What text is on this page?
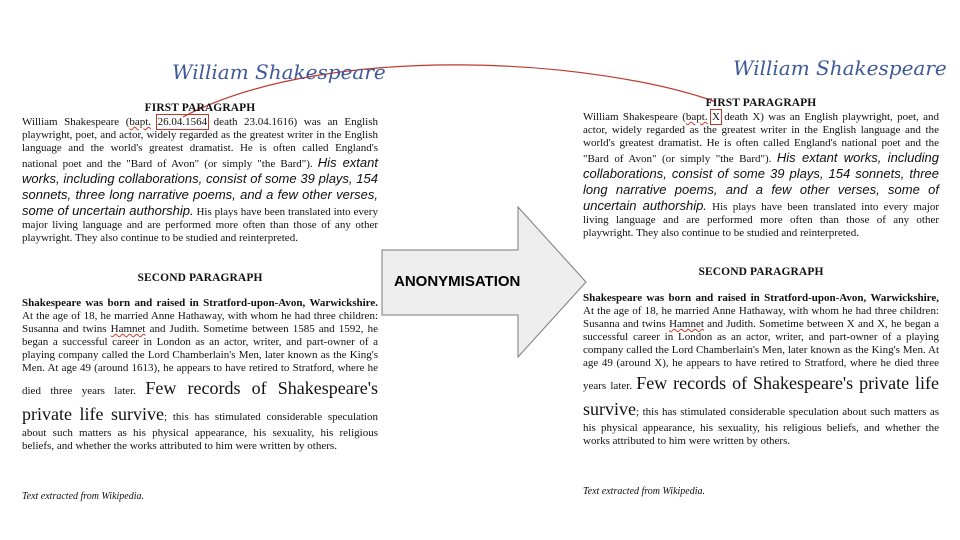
William Shakespeare
FIRST PARAGRAPH
William Shakespeare (bapt. 26.04.1564 death 23.04.1616) was an English playwright, poet, and actor, widely regarded as the greatest writer in the English language and the world's greatest dramatist. He is often called England's national poet and the "Bard of Avon" (or simply "the Bard"). His extant works, including collaborations, consist of some 39 plays, 154 sonnets, three long narrative poems, and a few other verses, some of uncertain authorship. His plays have been translated into every major living language and are performed more often than those of any other playwright. They also continue to be studied and reinterpreted.
SECOND PARAGRAPH
Shakespeare was born and raised in Stratford-upon-Avon, Warwickshire. At the age of 18, he married Anne Hathaway, with whom he had three children: Susanna and twins Hamnet and Judith. Sometime between 1585 and 1592, he began a successful career in London as an actor, writer, and part-owner of a playing company called the Lord Chamberlain's Men, later known as the King's Men. At age 49 (around 1613), he appears to have retired to Stratford, where he died three years later. Few records of Shakespeare's private life survive; this has stimulated considerable speculation about such matters as his physical appearance, his sexuality, his religious beliefs, and whether the works attributed to him were written by others.
Text extracted from Wikipedia.
ANONYMISATION
William Shakespeare
FIRST PARAGRAPH
William Shakespeare (bapt. X death X) was an English playwright, poet, and actor, widely regarded as the greatest writer in the English language and the world's greatest dramatist. He is often called England's national poet and the "Bard of Avon" (or simply "the Bard"). His extant works, including collaborations, consist of some 39 plays, 154 sonnets, three long narrative poems, and a few other verses, some of uncertain authorship. His plays have been translated into every major living language and are performed more often than those of any other playwright. They also continue to be studied and reinterpreted.
SECOND PARAGRAPH
Shakespeare was born and raised in Stratford-upon-Avon, Warwickshire, At the age of 18, he married Anne Hathaway, with whom he had three children: Susanna and twins Hamnet and Judith. Sometime between X and X, he began a successful career in London as an actor, writer, and part-owner of a playing company called the Lord Chamberlain's Men, later known as the King's Men. At age 49 (around X), he appears to have retired to Stratford, where he died three years later. Few records of Shakespeare's private life survive; this has stimulated considerable speculation about such matters as his physical appearance, his sexuality, his religious beliefs, and whether the works attributed to him were written by others.
Text extracted from Wikipedia.
